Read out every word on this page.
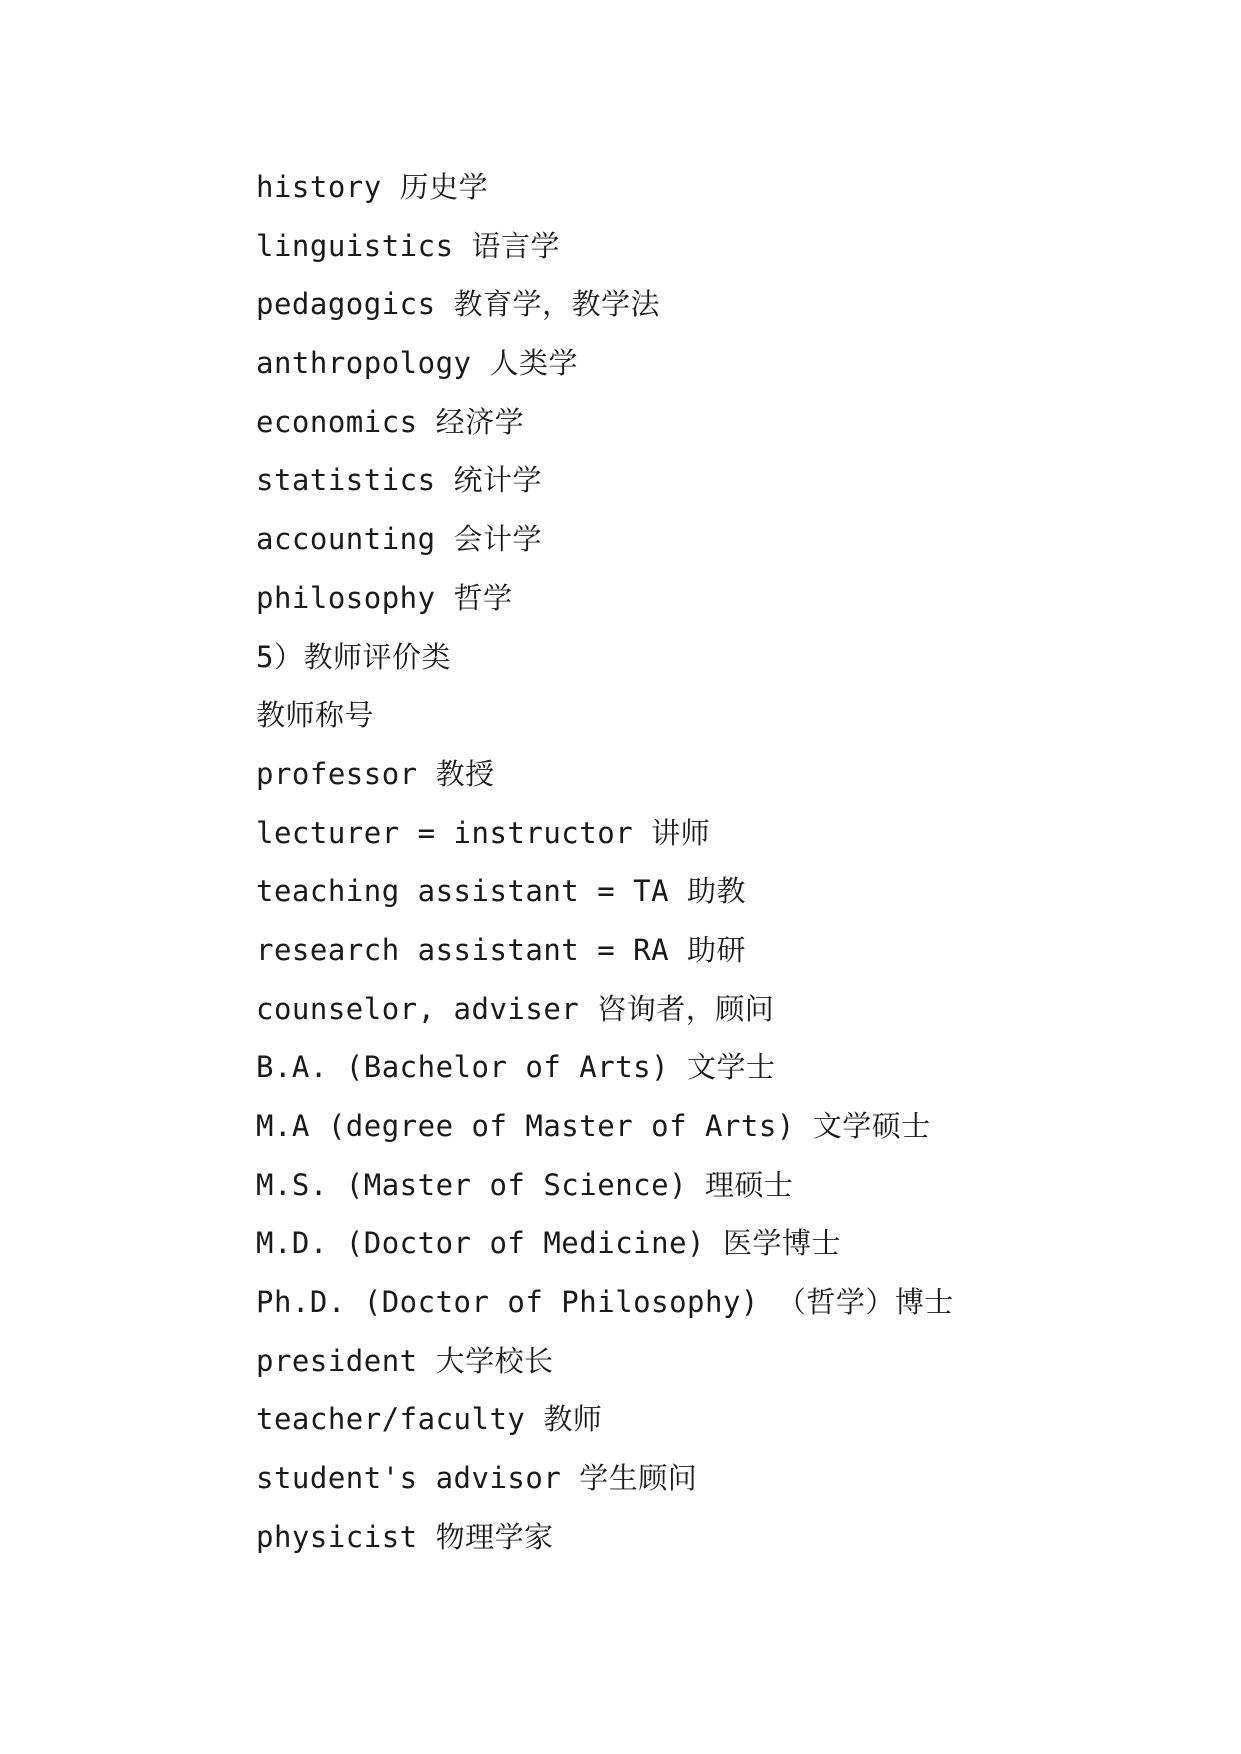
history 历史学
linguistics 语言学
pedagogics 教育学，教学法
anthropology 人类学
economics 经济学
statistics 统计学
accounting 会计学
philosophy 哲学
5）教师评价类
教师称号
professor 教授
lecturer = instructor 讲师
teaching assistant = TA 助教
research assistant = RA 助研
counselor, adviser 咨询者，顾问
B.A. (Bachelor of Arts) 文学士
M.A (degree of Master of Arts) 文学硕士
M.S. (Master of Science) 理硕士
M.D. (Doctor of Medicine) 医学博士
Ph.D. (Doctor of Philosophy) （哲学）博士
president 大学校长
teacher/faculty 教师
student's advisor 学生顾问
physicist 物理学家
